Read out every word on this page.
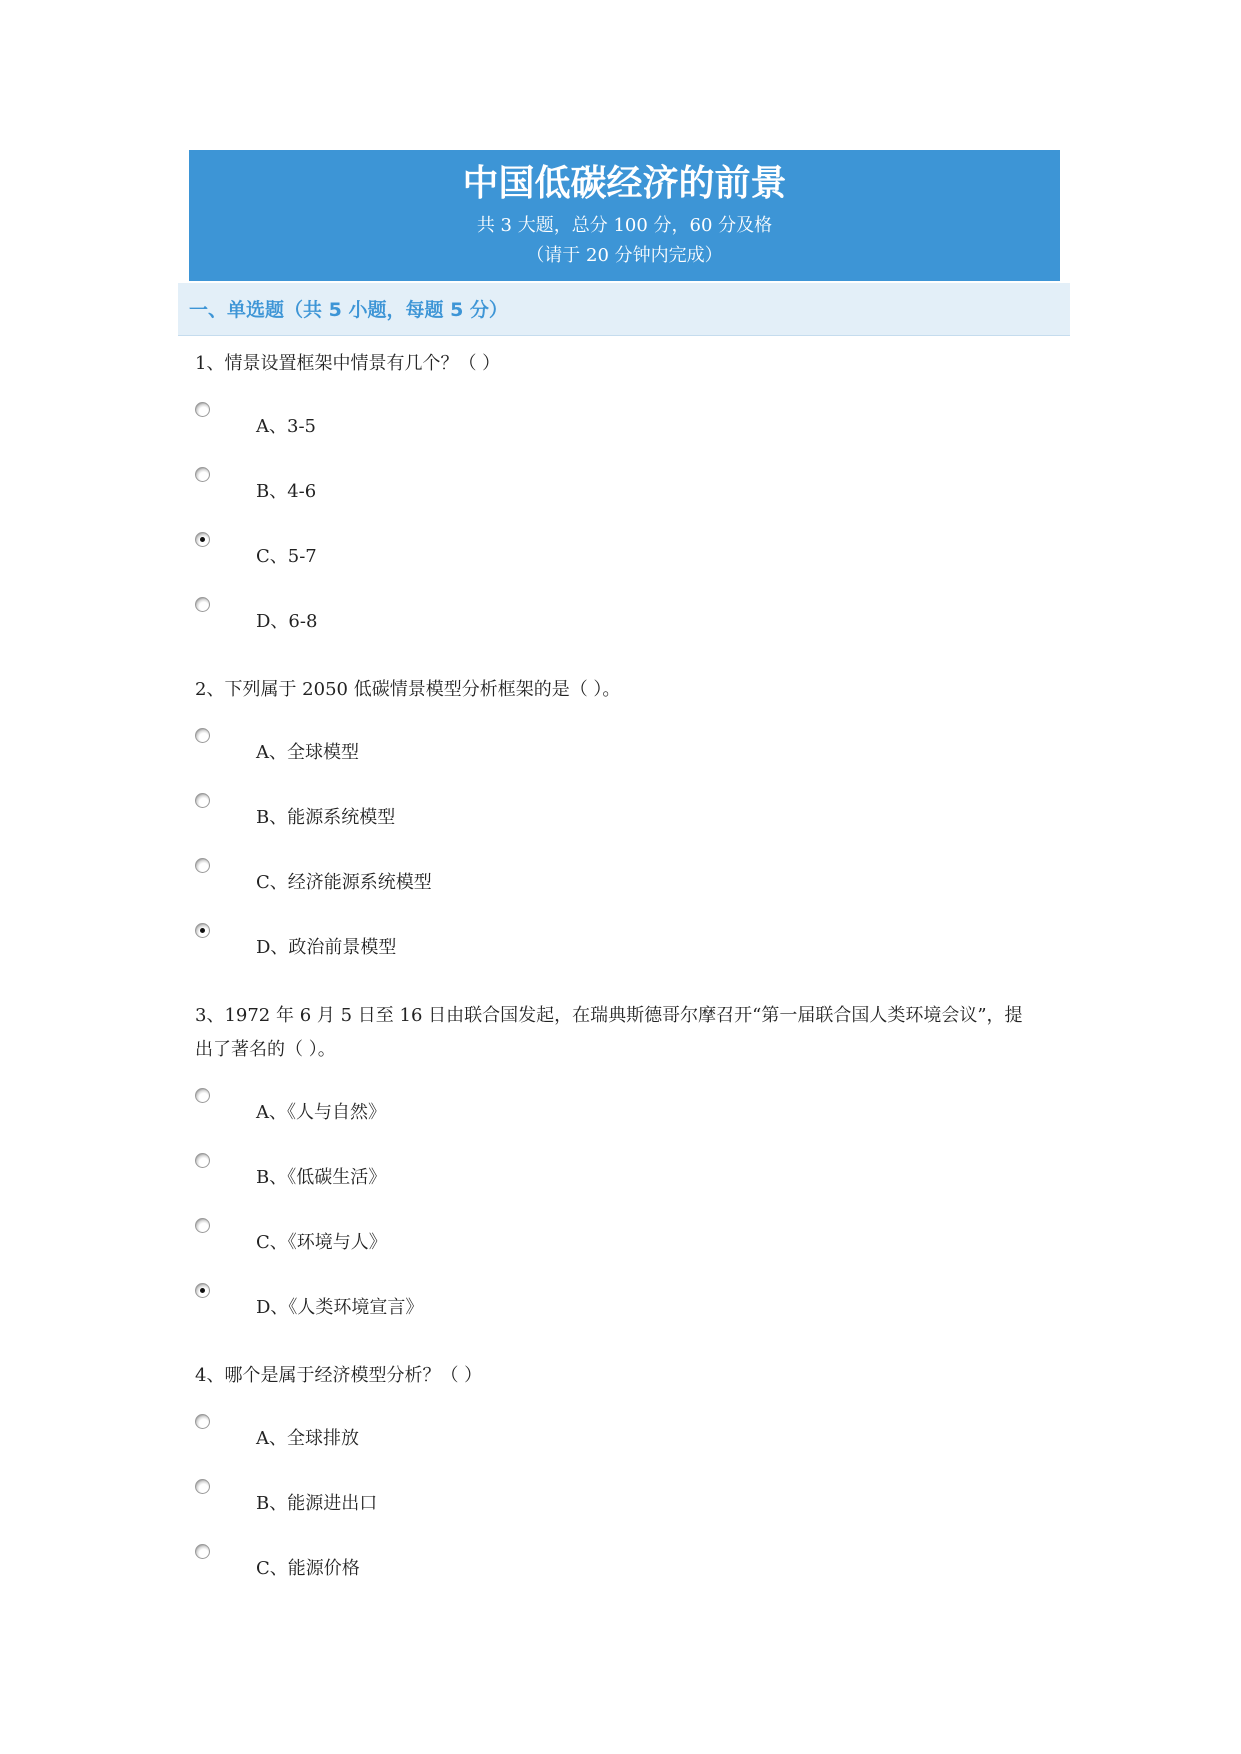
中国低碳经济的前景
共 3 大题，总分 100 分，60 分及格
（请于 20 分钟内完成）
一、单选题（共 5 小题，每题 5 分）
1、情景设置框架中情景有几个？（ ）
A、3-5
B、4-6
C、5-7
D、6-8
2、下列属于 2050 低碳情景模型分析框架的是（ ）。
A、全球模型
B、能源系统模型
C、经济能源系统模型
D、政治前景模型
3、1972 年 6 月 5 日至 16 日由联合国发起，在瑞典斯德哥尔摩召开“第一届联合国人类环境会议”，提
出了著名的（ ）。
A、《人与自然》
B、《低碳生活》
C、《环境与人》
D、《人类环境宣言》
4、哪个是属于经济模型分析？（ ）
A、全球排放
B、能源进出口
C、能源价格
